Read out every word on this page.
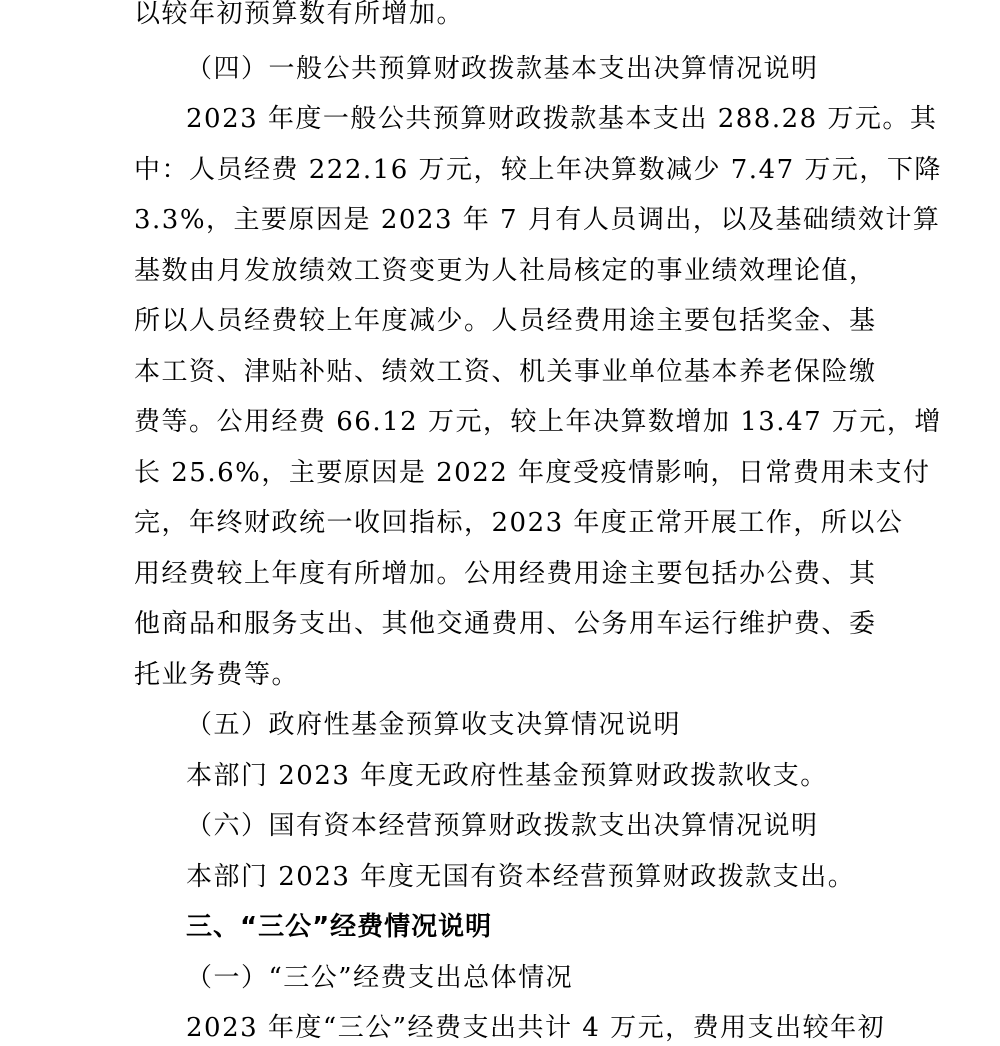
以较年初预算数有所增加。
（四）一般公共预算财政拨款基本支出决算情况说明
2023 年度一般公共预算财政拨款基本支出 288.28 万元。其
中：人员经费 222.16 万元，较上年决算数减少 7.47 万元，下降
3.3%，主要原因是 2023 年 7 月有人员调出，以及基础绩效计算
基数由月发放绩效工资变更为人社局核定的事业绩效理论值，
所以人员经费较上年度减少。人员经费用途主要包括奖金、基
本工资、津贴补贴、绩效工资、机关事业单位基本养老保险缴
费等。公用经费 66.12 万元，较上年决算数增加 13.47 万元，增
长 25.6%，主要原因是 2022 年度受疫情影响，日常费用未支付
完，年终财政统一收回指标，2023 年度正常开展工作，所以公
用经费较上年度有所增加。公用经费用途主要包括办公费、其
他商品和服务支出、其他交通费用、公务用车运行维护费、委
托业务费等。
（五）政府性基金预算收支决算情况说明
本部门 2023 年度无政府性基金预算财政拨款收支。
（六）国有资本经营预算财政拨款支出决算情况说明
本部门 2023 年度无国有资本经营预算财政拨款支出。
三、“三公”经费情况说明
（一）“三公”经费支出总体情况
2023 年度“三公”经费支出共计 4 万元，费用支出较年初
